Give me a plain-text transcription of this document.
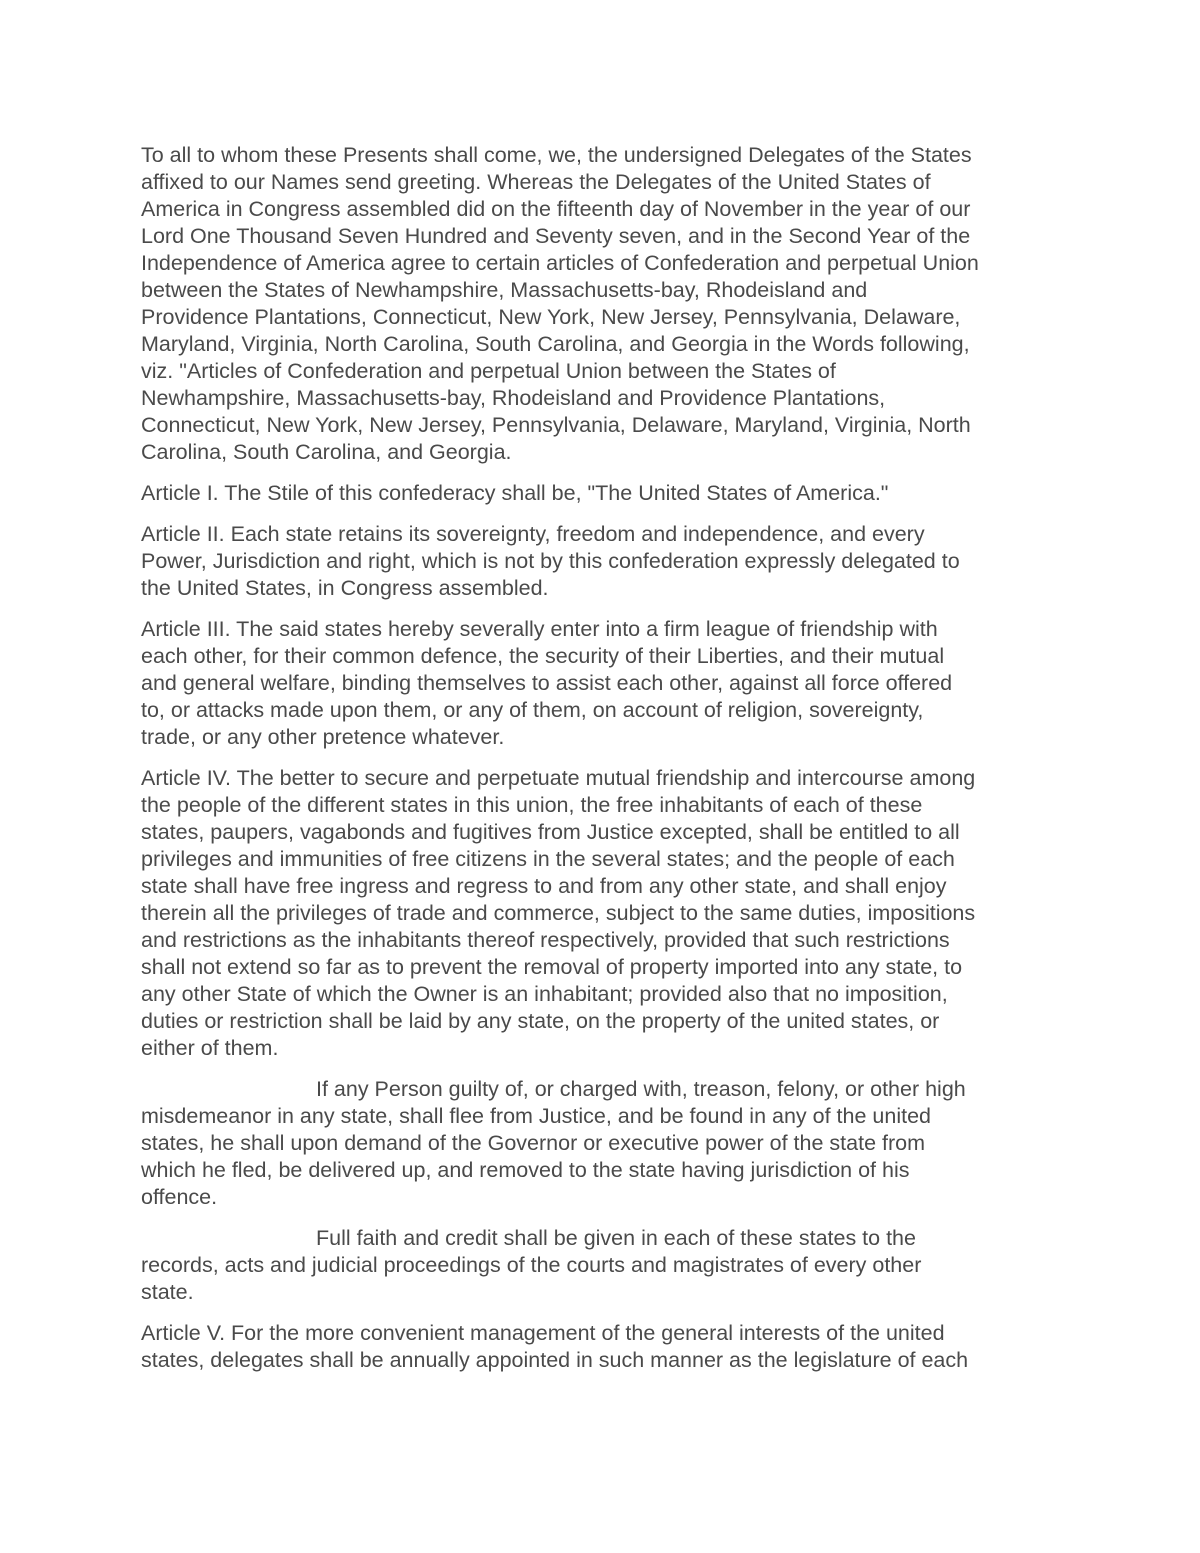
To all to whom these Presents shall come, we, the undersigned Delegates of the States
affixed to our Names send greeting. Whereas the Delegates of the United States of
America in Congress assembled did on the fifteenth day of November in the year of our
Lord One Thousand Seven Hundred and Seventy seven, and in the Second Year of the
Independence of America agree to certain articles of Confederation and perpetual Union
between the States of Newhampshire, Massachusetts-bay, Rhodeisland and
Providence Plantations, Connecticut, New York, New Jersey, Pennsylvania, Delaware,
Maryland, Virginia, North Carolina, South Carolina, and Georgia in the Words following,
viz. "Articles of Confederation and perpetual Union between the States of
Newhampshire, Massachusetts-bay, Rhodeisland and Providence Plantations,
Connecticut, New York, New Jersey, Pennsylvania, Delaware, Maryland, Virginia, North
Carolina, South Carolina, and Georgia.

Article I. The Stile of this confederacy shall be, "The United States of America."

Article II. Each state retains its sovereignty, freedom and independence, and every
Power, Jurisdiction and right, which is not by this confederation expressly delegated to
the United States, in Congress assembled.

Article III. The said states hereby severally enter into a firm league of friendship with
each other, for their common defence, the security of their Liberties, and their mutual
and general welfare, binding themselves to assist each other, against all force offered
to, or attacks made upon them, or any of them, on account of religion, sovereignty,
trade, or any other pretence whatever.

Article IV. The better to secure and perpetuate mutual friendship and intercourse among
the people of the different states in this union, the free inhabitants of each of these
states, paupers, vagabonds and fugitives from Justice excepted, shall be entitled to all
privileges and immunities of free citizens in the several states; and the people of each
state shall have free ingress and regress to and from any other state, and shall enjoy
therein all the privileges of trade and commerce, subject to the same duties, impositions
and restrictions as the inhabitants thereof respectively, provided that such restrictions
shall not extend so far as to prevent the removal of property imported into any state, to
any other State of which the Owner is an inhabitant; provided also that no imposition,
duties or restriction shall be laid by any state, on the property of the united states, or
either of them.

If any Person guilty of, or charged with, treason, felony, or other high
misdemeanor in any state, shall flee from Justice, and be found in any of the united
states, he shall upon demand of the Governor or executive power of the state from
which he fled, be delivered up, and removed to the state having jurisdiction of his
offence.

Full faith and credit shall be given in each of these states to the
records, acts and judicial proceedings of the courts and magistrates of every other
state.

Article V. For the more convenient management of the general interests of the united
states, delegates shall be annually appointed in such manner as the legislature of each
